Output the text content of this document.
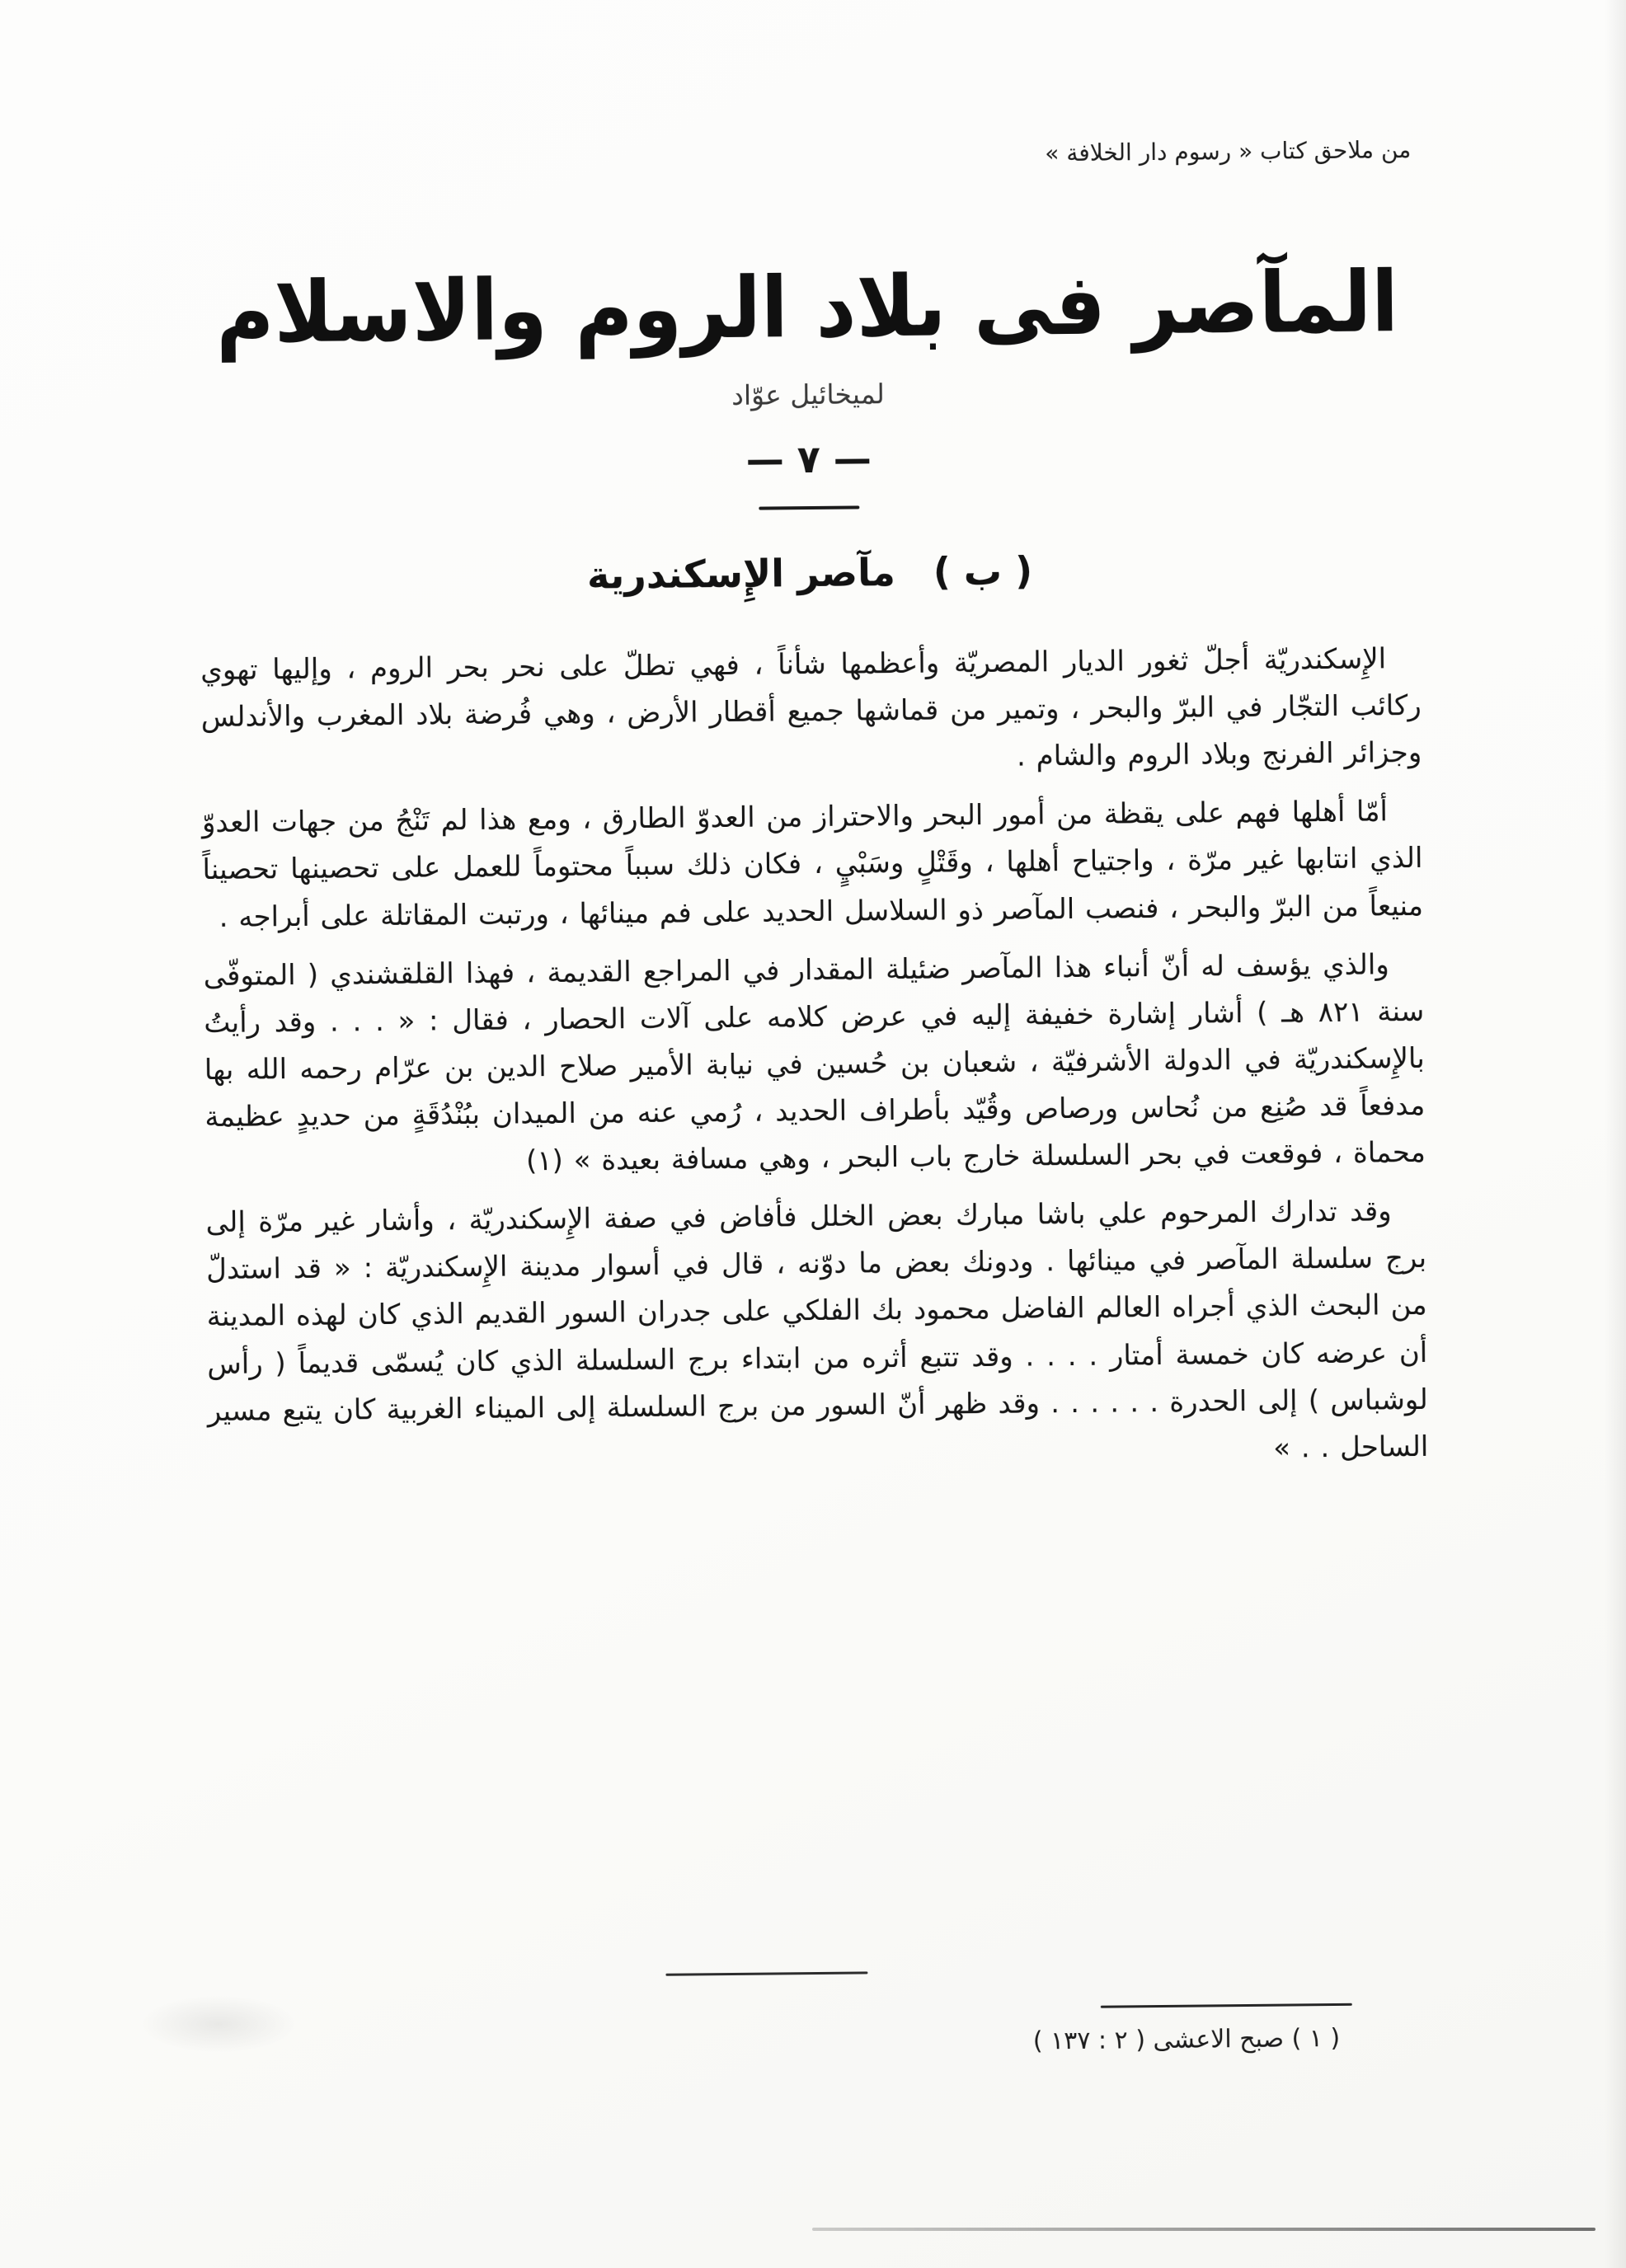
من ملاحق كتاب « رسوم دار الخلافة »
المآصر فى بلاد الروم والاسلام
لميخائيل عوّاد
— ٧ —
( ب ) مآصر الإِسكندرية

الإِسكندريّة أجلّ ثغور الديار المصريّة وأعظمها شأناً ، فهي تطلّ على نحر بحر الروم ، وإليها تهوي ركائب التجّار في البرّ والبحر ، وتمير من قماشها جميع أقطار الأرض ، وهي فُرضة بلاد المغرب والأندلس وجزائر الفرنج وبلاد الروم والشام .

أمّا أهلها فهم على يقظة من أمور البحر والاحتراز من العدوّ الطارق ، ومع هذا لم تَنْجُ من جهات العدوّ الذي انتابها غير مرّة ، واجتياح أهلها ، وقَتْلٍ وسَبْيٍ ، فكان ذلك سبباً محتوماً للعمل على تحصينها تحصيناً منيعاً من البرّ والبحر ، فنصب المآصر ذو السلاسل الحديد على فم مينائها ، ورتبت المقاتلة على أبراجه .

والذي يؤسف له أنّ أنباء هذا المآصر ضئيلة المقدار في المراجع القديمة ، فهذا القلقشندي ( المتوفّى سنة ٨٢١ هـ ) أشار إشارة خفيفة إليه في عرض كلامه على آلات الحصار ، فقال : « . . . وقد رأيتُ بالإِسكندريّة في الدولة الأشرفيّة ، شعبان بن حُسين في نيابة الأمير صلاح الدين بن عرّام رحمه الله بها مدفعاً قد صُنِع من نُحاس ورصاص وقُيّد بأطراف الحديد ، رُمي عنه من الميدان ببُنْدُقَةٍ من حديدٍ عظيمة محماة ، فوقعت في بحر السلسلة خارج باب البحر ، وهي مسافة بعيدة » (١)

وقد تدارك المرحوم علي باشا مبارك بعض الخلل فأفاض في صفة الإِسكندريّة ، وأشار غير مرّة إلى برج سلسلة المآصر في مينائها . ودونك بعض ما دوّنه ، قال في أسوار مدينة الإِسكندريّة : « قد استدلّ من البحث الذي أجراه العالم الفاضل محمود بك الفلكي على جدران السور القديم الذي كان لهذه المدينة أن عرضه كان خمسة أمتار . . . . وقد تتبع أثره من ابتداء برج السلسلة الذي كان يُسمّى قديماً ( رأس لوشباس ) إلى الحدرة . . . . . . وقد ظهر أنّ السور من برج السلسلة إلى الميناء الغربية كان يتبع مسير الساحل . . »

( ١ ) صبح الاعشى ( ٢ : ١٣٧ )
